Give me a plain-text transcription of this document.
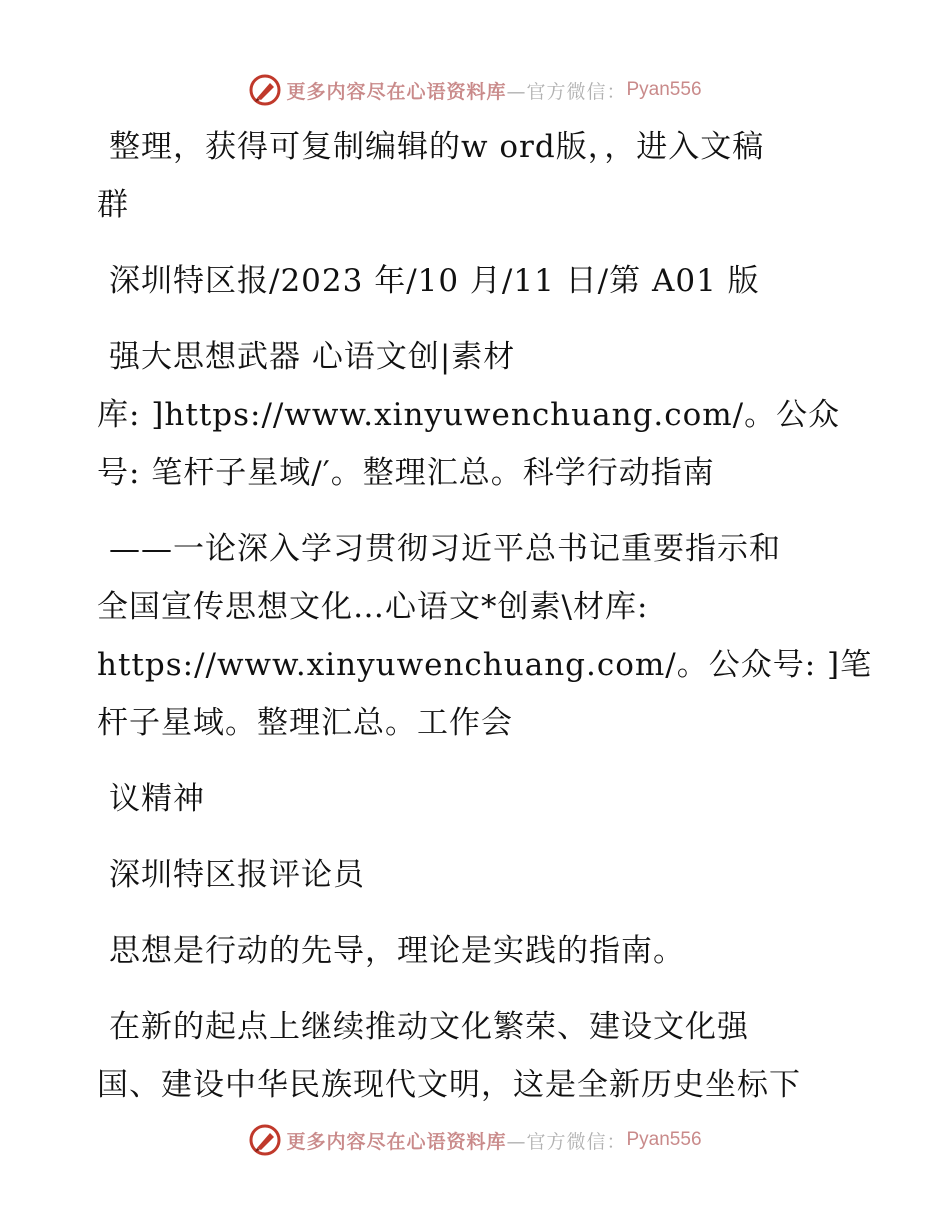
更多内容尽在心语资料库 —官方微信： Pyan556
整理，获得可复制编辑的w ord版，，进入文稿
群
深圳特区报/2023 年/10 月/11 日/第 A01 版
强大思想武器 心语文创|素材
库: ]https://www.xinyuwenchuang.com/。公众
号: 笔杆子星域/′。整理汇总。科学行动指南
——一论深入学习贯彻习近平总书记重要指示和
全国宣传思想文化…心语文*创素\材库:
https://www.xinyuwenchuang.com/。公众号: ]笔
杆子星域。整理汇总。工作会
议精神
深圳特区报评论员
思想是行动的先导，理论是实践的指南。
在新的起点上继续推动文化繁荣、建设文化强
国、建设中华民族现代文明，这是全新历史坐标下
更多内容尽在心语资料库 —官方微信： Pyan556
